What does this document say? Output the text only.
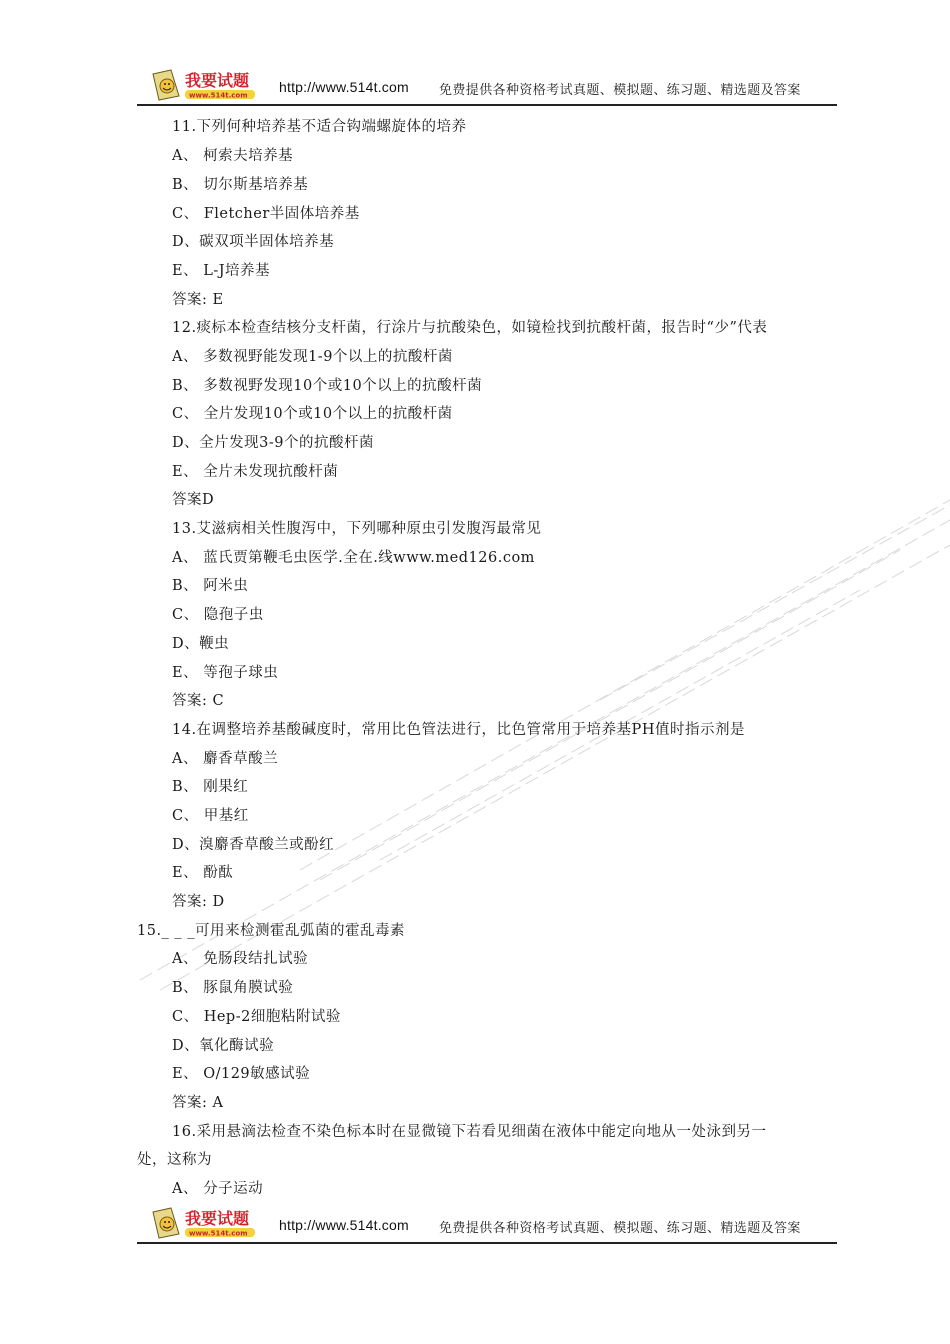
我要试题
www.514t.com
http://www.514t.com 免费提供各种资格考试真题、模拟题、练习题、精选题及答案
11.下列何种培养基不适合钩端螺旋体的培养
A、 柯索夫培养基
B、 切尔斯基培养基
C、 Fletcher半固体培养基
D、碳双项半固体培养基
E、 L-J培养基
答案: E
12.痰标本检查结核分支杆菌，行涂片与抗酸染色，如镜检找到抗酸杆菌，报告时“少”代表
A、 多数视野能发现1-9个以上的抗酸杆菌
B、 多数视野发现10个或10个以上的抗酸杆菌
C、 全片发现10个或10个以上的抗酸杆菌
D、全片发现3-9个的抗酸杆菌
E、 全片未发现抗酸杆菌
答案D
13.艾滋病相关性腹泻中，下列哪种原虫引发腹泻最常见
A、 蓝氏贾第鞭毛虫医学.全在.线www.med126.com
B、 阿米虫
C、 隐孢子虫
D、鞭虫
E、 等孢子球虫
答案: C
14.在调整培养基酸碱度时，常用比色管法进行，比色管常用于培养基PH值时指示剂是
A、 麝香草酸兰
B、 刚果红
C、 甲基红
D、溴麝香草酸兰或酚红
E、 酚酞
答案: D
15._ _ _可用来检测霍乱弧菌的霍乱毒素
A、 免肠段结扎试验
B、 豚鼠角膜试验
C、 Hep-2细胞粘附试验
D、氧化酶试验
E、 O/129敏感试验
答案: A
16.采用悬滴法检查不染色标本时在显微镜下若看见细菌在液体中能定向地从一处泳到另一
处，这称为
A、 分子运动
我要试题
www.514t.com
http://www.514t.com 免费提供各种资格考试真题、模拟题、练习题、精选题及答案
